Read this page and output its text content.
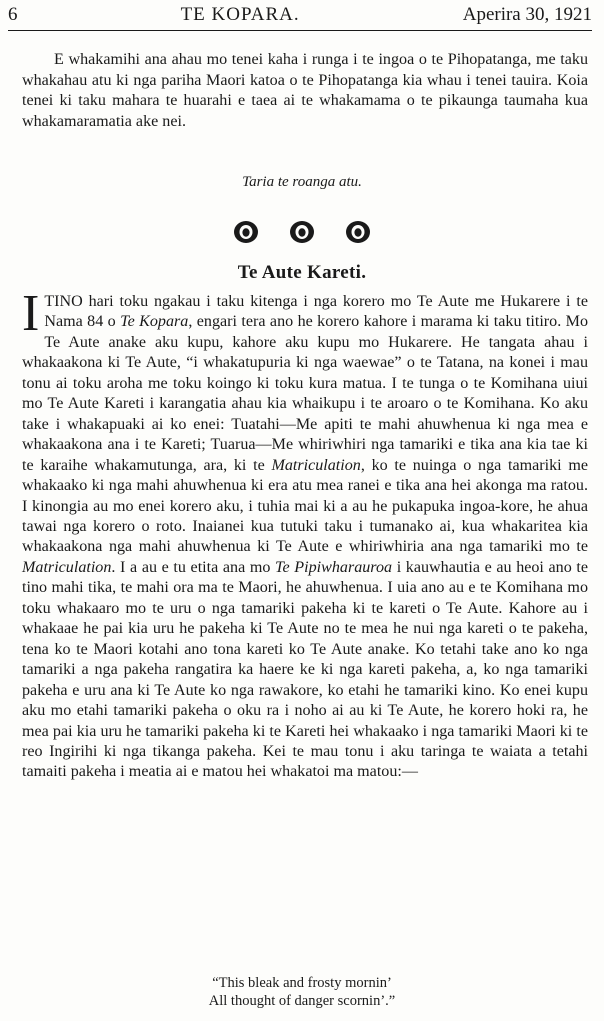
6	TE KOPARA.	Aperira 30, 1921

E whakamihi ana ahau mo tenei kaha i runga i te ingoa o te Pihopatanga, me taku whakahau atu ki nga pariha Maori katoa o te Pihopatanga kia whau i tenei tauira. Koia tenei ki taku mahara te huarahi e taea ai te whakamama o te pikaunga taumaha kua whakamaramatia ake nei.

Taria te roanga atu.
Te Aute Kareti.

ITINO hari toku ngakau i taku kitenga i nga korero mo Te Aute me Hukarere i te Nama 84 o Te Kopara, engari tera ano he korero kahore i marama ki taku titiro. Mo Te Aute anake aku kupu, kahore aku kupu mo Hukarere. He tangata ahau i whakaakona ki Te Aute, “i whakatupuria ki nga waewae” o te Tatana, na konei i mau tonu ai toku aroha me toku koingo ki toku kura matua. I te tunga o te Komihana uiui mo Te Aute Kareti i karangatia ahau kia whaikupu i te aroaro o te Komihana. Ko aku take i whakapuaki ai ko enei: Tuatahi—Me apiti te mahi ahuwhenua ki nga mea e whakaakona ana i te Kareti; Tuarua—Me whiriwhiri nga tamariki e tika ana kia tae ki te karaihe whakamutunga, ara, ki te Matriculation, ko te nuinga o nga tamariki me whakaako ki nga mahi ahuwhenua ki era atu mea ranei e tika ana hei akonga ma ratou. I kinongia au mo enei korero aku, i tuhia mai ki a au he pukapuka ingoa-kore, he ahua tawai nga korero o roto. Inaianei kua tutuki taku i tumanako ai, kua whakaritea kia whakaakona nga mahi ahuwhenua ki Te Aute e whiriwhiria ana nga tamariki mo te Matriculation. I a au e tu etita ana mo Te Pipiwharauroa i kauwhautia e au heoi ano te tino mahi tika, te mahi ora ma te Maori, he ahuwhenua. I uia ano au e te Komihana mo toku whakaaro mo te uru o nga tamariki pakeha ki te kareti o Te Aute. Kahore au i whakaae he pai kia uru he pakeha ki Te Aute no te mea he nui nga kareti o te pakeha, tena ko te Maori kotahi ano tona kareti ko Te Aute anake. Ko tetahi take ano ko nga tamariki a nga pakeha rangatira ka haere ke ki nga kareti pakeha, a, ko nga tamariki pakeha e uru ana ki Te Aute ko nga rawakore, ko etahi he tamariki kino. Ko enei kupu aku mo etahi tamariki pakeha o oku ra i noho ai au ki Te Aute, he korero hoki ra, he mea pai kia uru he tamariki pakeha ki te Kareti hei whakaako i nga tamariki Maori ki te reo Ingirihi ki nga tikanga pakeha. Kei te mau tonu i aku taringa te waiata a tetahi tamaiti pakeha i meatia ai e matou hei whakatoi ma matou:—

“This bleak and frosty mornin’
All thought of danger scornin’.”
